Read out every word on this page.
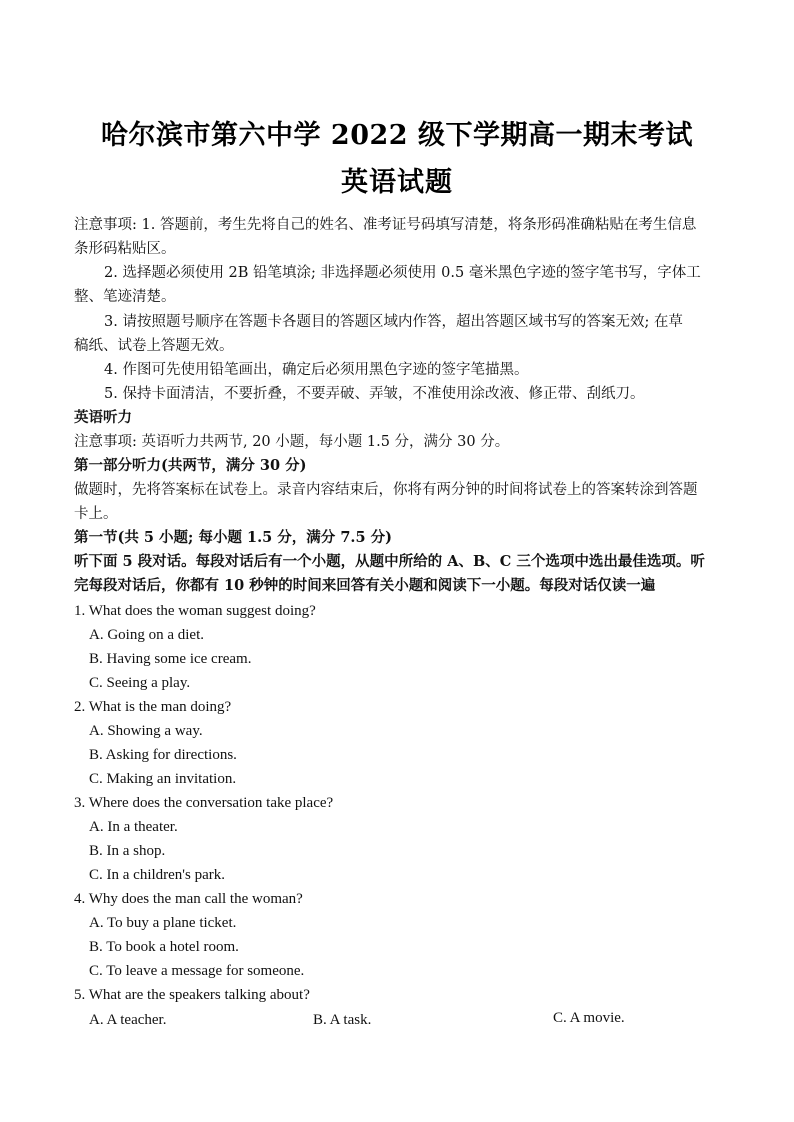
哈尔滨市第六中学 2022 级下学期高一期末考试
英语试题
注意事项: 1. 答题前，考生先将自己的姓名、准考证号码填写清楚，将条形码准确粘贴在考生信息
条形码粘贴区。
2. 选择题必须使用 2B 铅笔填涂; 非选择题必须使用 0.5 毫米黑色字迹的签字笔书写，字体工
整、笔迹清楚。
3. 请按照题号顺序在答题卡各题目的答题区域内作答，超出答题区域书写的答案无效; 在草
稿纸、试卷上答题无效。
4. 作图可先使用铅笔画出，确定后必须用黑色字迹的签字笔描黑。
5. 保持卡面清洁，不要折叠，不要弄破、弄皱，不准使用涂改液、修正带、刮纸刀。
英语听力
注意事项: 英语听力共两节, 20 小题，每小题 1.5 分，满分 30 分。
第一部分听力(共两节，满分 30 分)
做题时，先将答案标在试卷上。录音内容结束后，你将有两分钟的时间将试卷上的答案转涂到答题
卡上。
第一节(共 5 小题; 每小题 1.5 分，满分 7.5 分)
听下面 5 段对话。每段对话后有一个小题，从题中所给的 A、B、C 三个选项中选出最佳选项。听
完每段对话后，你都有 10 秒钟的时间来回答有关小题和阅读下一小题。每段对话仅读一遍
1. What does the woman suggest doing?
A. Going on a diet.
B. Having some ice cream.
C. Seeing a play.
2. What is the man doing?
A. Showing a way.
B. Asking for directions.
C. Making an invitation.
3. Where does the conversation take place?
A. In a theater.
B. In a shop.
C. In a children's park.
4. Why does the man call the woman?
A. To buy a plane ticket.
B. To book a hotel room.
C. To leave a message for someone.
5. What are the speakers talking about?
A. A teacher.	B. A task.	C. A movie.
